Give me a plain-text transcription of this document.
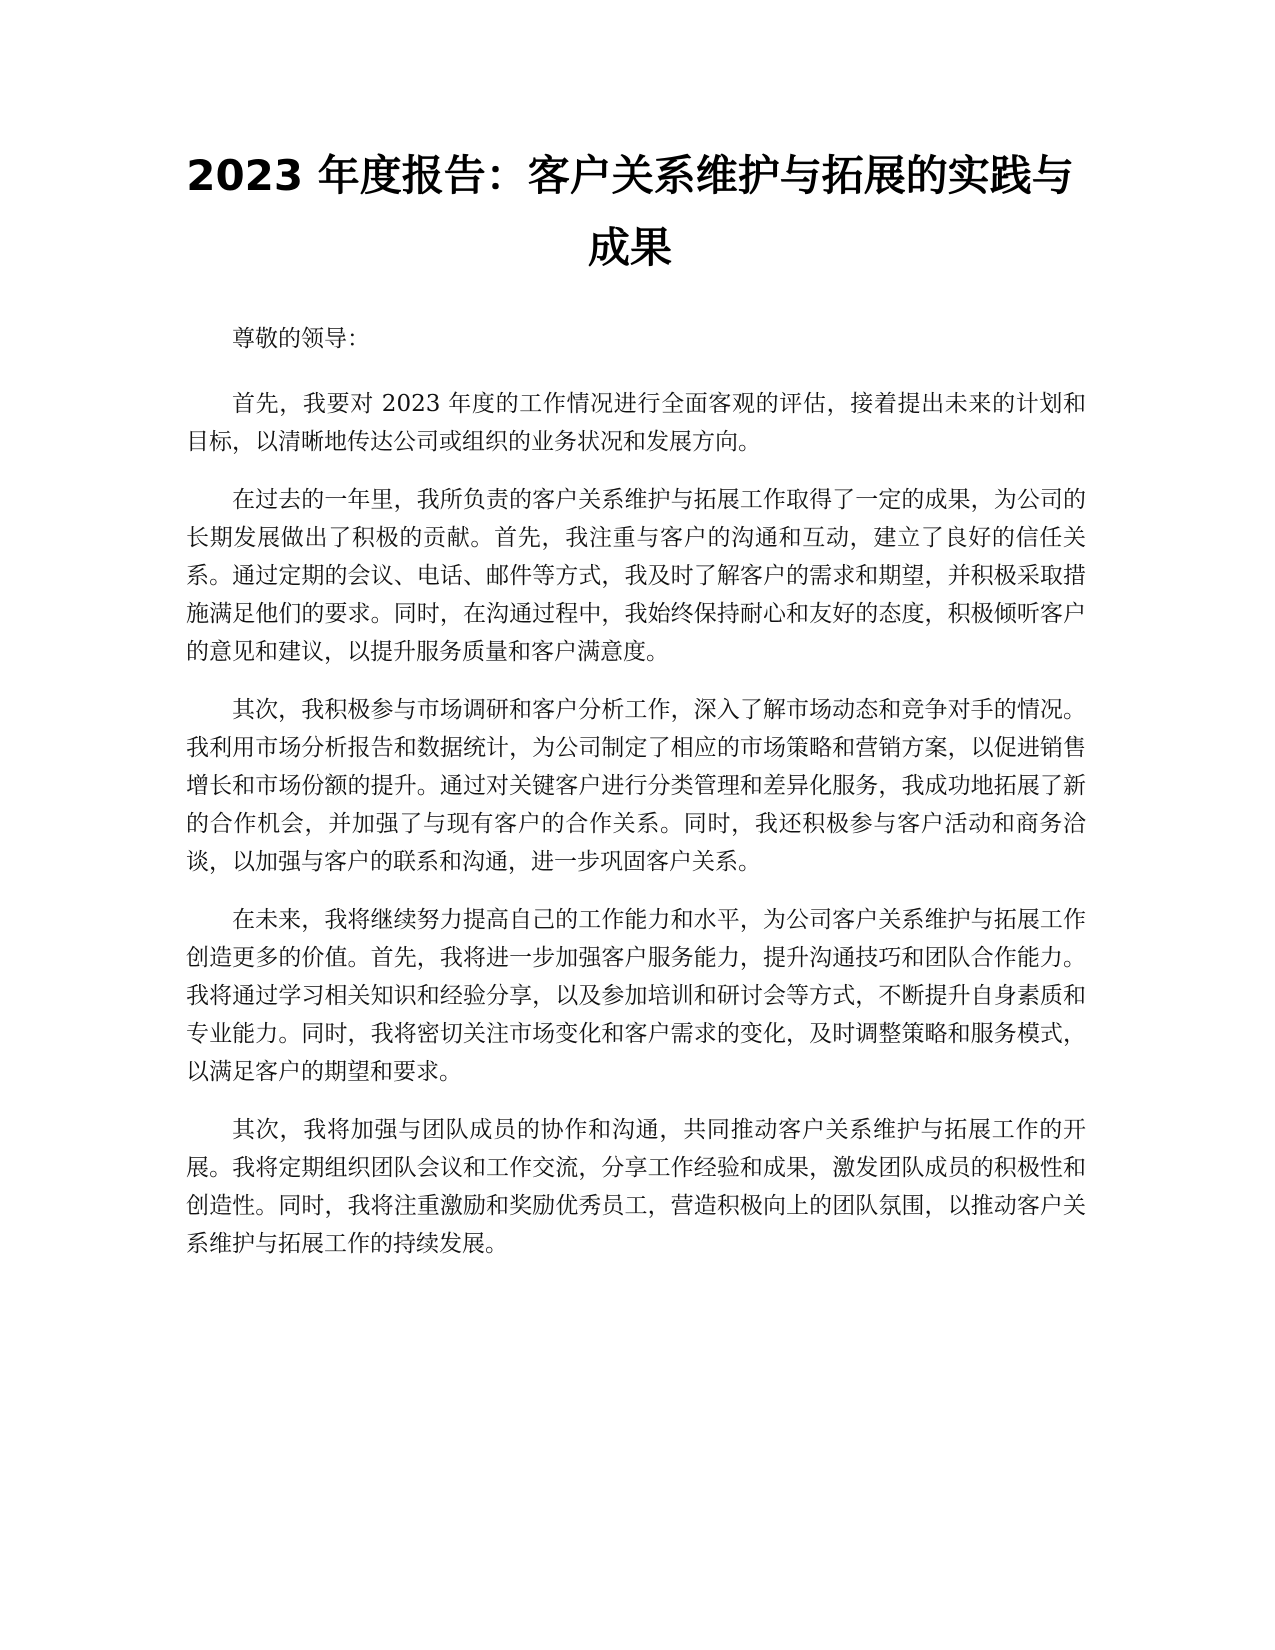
2023 年度报告：客户关系维护与拓展的实践与成果

尊敬的领导：

首先，我要对 2023 年度的工作情况进行全面客观的评估，接着提出未来的计划和目标，以清晰地传达公司或组织的业务状况和发展方向。

在过去的一年里，我所负责的客户关系维护与拓展工作取得了一定的成果，为公司的长期发展做出了积极的贡献。首先，我注重与客户的沟通和互动，建立了良好的信任关系。通过定期的会议、电话、邮件等方式，我及时了解客户的需求和期望，并积极采取措施满足他们的要求。同时，在沟通过程中，我始终保持耐心和友好的态度，积极倾听客户的意见和建议，以提升服务质量和客户满意度。

其次，我积极参与市场调研和客户分析工作，深入了解市场动态和竞争对手的情况。我利用市场分析报告和数据统计，为公司制定了相应的市场策略和营销方案，以促进销售增长和市场份额的提升。通过对关键客户进行分类管理和差异化服务，我成功地拓展了新的合作机会，并加强了与现有客户的合作关系。同时，我还积极参与客户活动和商务洽谈，以加强与客户的联系和沟通，进一步巩固客户关系。

在未来，我将继续努力提高自己的工作能力和水平，为公司客户关系维护与拓展工作创造更多的价值。首先，我将进一步加强客户服务能力，提升沟通技巧和团队合作能力。我将通过学习相关知识和经验分享，以及参加培训和研讨会等方式，不断提升自身素质和专业能力。同时，我将密切关注市场变化和客户需求的变化，及时调整策略和服务模式，以满足客户的期望和要求。

其次，我将加强与团队成员的协作和沟通，共同推动客户关系维护与拓展工作的开展。我将定期组织团队会议和工作交流，分享工作经验和成果，激发团队成员的积极性和创造性。同时，我将注重激励和奖励优秀员工，营造积极向上的团队氛围，以推动客户关系维护与拓展工作的持续发展。
